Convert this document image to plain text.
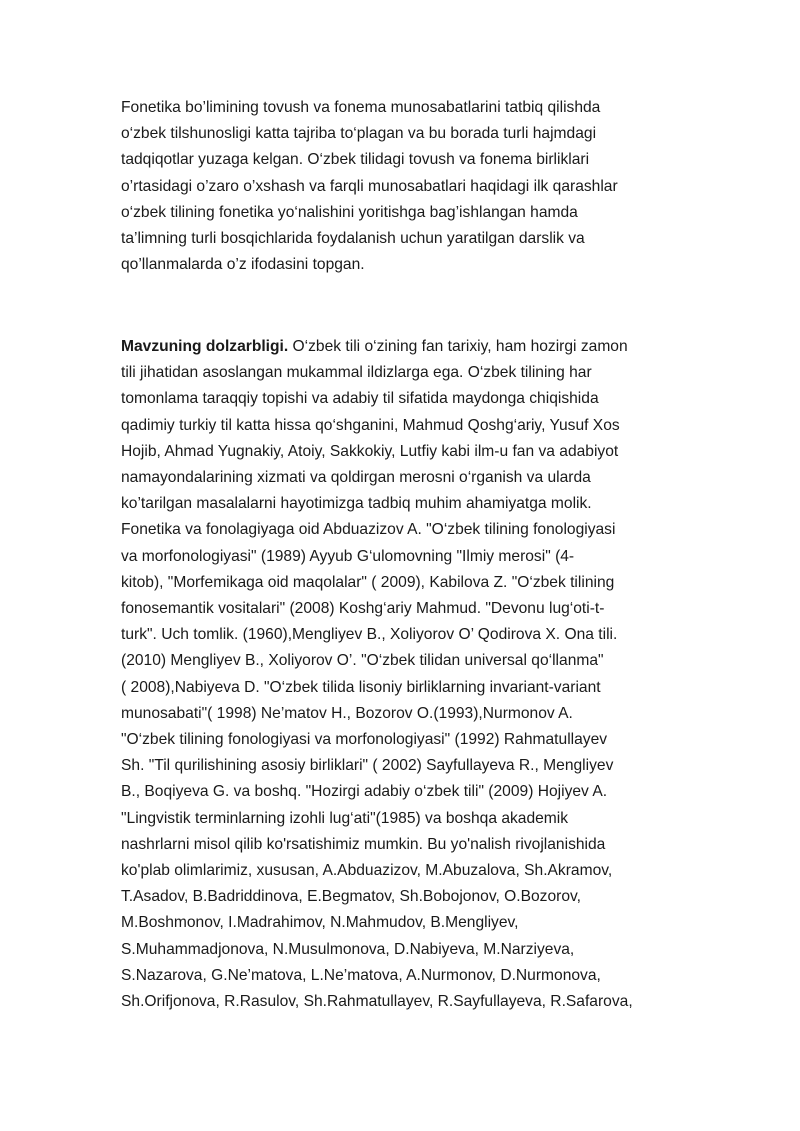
Fonetika bo’limining tovush va fonema munosabatlarini tatbiq qilishda
o‘zbek tilshunosligi katta tajriba to‘plagan va bu borada turli hajmdagi
tadqiqotlar yuzaga kelgan. O‘zbek tilidagi tovush va fonema birliklari
o’rtasidagi o’zaro o’xshash va farqli munosabatlari haqidagi ilk qarashlar
o‘zbek tilining fonetika yo‘nalishini yoritishga bag’ishlangan hamda
ta’limning turli bosqichlarida foydalanish uchun yaratilgan darslik va
qo’llanmalarda o’z ifodasini topgan.
Mavzuning dolzarbligi. O‘zbek tili o‘zining fan tarixiy, ham hozirgi zamon
tili jihatidan asoslangan mukammal ildizlarga ega. O‘zbek tilining har
tomonlama taraqqiy topishi va adabiy til sifatida maydonga chiqishida
qadimiy turkiy til katta hissa qo‘shganini, Mahmud Qoshg‘ariy, Yusuf Xos
Hojib, Ahmad Yugnakiy, Atoiy, Sakkokiy, Lutfiy kabi ilm-u fan va adabiyot
namayondalarining xizmati va qoldirgan merosni o‘rganish va ularda
ko’tarilgan masalalarni hayotimizga tadbiq muhim ahamiyatga molik.
Fonetika va fonolagiyaga oid Abduazizov A. "O‘zbek tilining fonologiyasi
va morfonologiyasi" (1989) Ayyub G‘ulomovning "Ilmiy merosi" (4-
kitob), "Morfemikaga oid maqolalar" ( 2009), Kabilova Z. "O‘zbek tilining
fonosemantik vositalari" (2008) Koshg‘ariy Mahmud. "Devonu lug‘oti-t-
turk". Uch tomlik. (1960),Mengliyev B., Xoliyorov O’ Qodirova X. Ona tili.
(2010) Mengliyev B., Xoliyorov O’. "O‘zbek tilidan universal qo‘llanma"
( 2008),Nabiyeva D. "O‘zbek tilida lisoniy birliklarning invariant-variant
munosabati"( 1998) Ne’matov H., Bozorov O.(1993),Nurmonov A.
"O‘zbek tilining fonologiyasi va morfonologiyasi" (1992) Rahmatullayev
Sh. "Til qurilishining asosiy birliklari" ( 2002) Sayfullayeva R., Mengliyev
B., Boqiyeva G. va boshq. "Hozirgi adabiy o‘zbek tili" (2009) Hojiyev A.
"Lingvistik terminlarning izohli lug‘ati"(1985) va boshqa akademik
nashrlarni misol qilib ko'rsatishimiz mumkin. Bu yo'nalish rivojlanishida
ko'plab olimlarimiz, xususan, A.Abduazizov, M.Abuzalova, Sh.Akramov,
T.Asadov, B.Badriddinova, E.Begmatov, Sh.Bobojonov, O.Bozorov,
M.Boshmonov, I.Madrahimov, N.Mahmudov, B.Mengliyev,
S.Muhammadjonova, N.Musulmonova, D.Nabiyeva, M.Narziyeva,
S.Nazarova, G.Ne’matova, L.Ne’matova, A.Nurmonov, D.Nurmonova,
Sh.Orifjonova, R.Rasulov, Sh.Rahmatullayev, R.Sayfullayeva, R.Safarova,
